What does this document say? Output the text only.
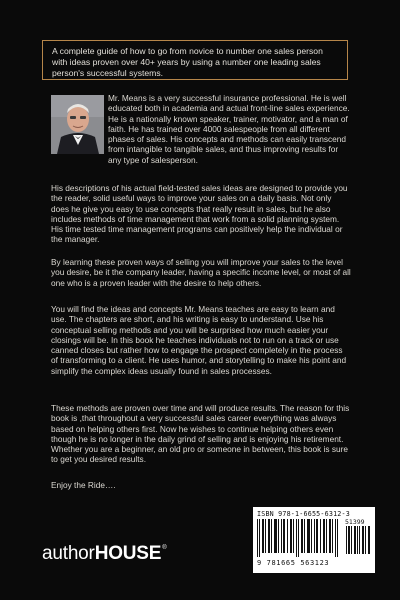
A complete guide of how to go from novice to number one sales person with ideas proven over 40+ years by using a number one leading sales person's successful systems.
Mr. Means is a very successful insurance professional. He is well educated both in academia and actual front-line sales experience. He is a nationally known speaker, trainer, motivator, and a man of faith. He has trained over 4000 salespeople from all different phases of sales. His concepts and methods can easily transcend from intangible to tangible sales, and thus improving results for any type of salesperson.

His descriptions of his actual field-tested sales ideas are designed to provide you the reader, solid useful ways to improve your sales on a daily basis. Not only does he give you easy to use concepts that really result in sales, but he also includes methods of time management that work from a solid planning system. His time tested time management programs can positively help the individual or the manager.

By learning these proven ways of selling you will improve your sales to the level you desire, be it the company leader, having a specific income level, or most of all one who is a proven leader with the desire to help others.

You will find the ideas and concepts Mr. Means teaches are easy to learn and use. The chapters are short, and his writing is easy to understand. Use his conceptual selling methods and you will be surprised how much easier your closings will be. In this book he teaches individuals not to run on a track or use canned closes but rather how to engage the prospect completely in the process of transforming to a client. He uses humor, and storytelling to make his point and simplify the complex ideas usually found in sales processes.

These methods are proven over time and will produce results. The reason for this book is ,that throughout a very successful sales career everything was always based on helping others first. Now he wishes to continue helping others even though he is no longer in the daily grind of selling and is enjoying his retirement. Whether you are a beginner, an old pro or someone in between, this book is sure to get you desired results.

Enjoy the Ride….

ISBN 978-1-6655-6312-3
51399
9 781665 563123
authorHOUSE®
